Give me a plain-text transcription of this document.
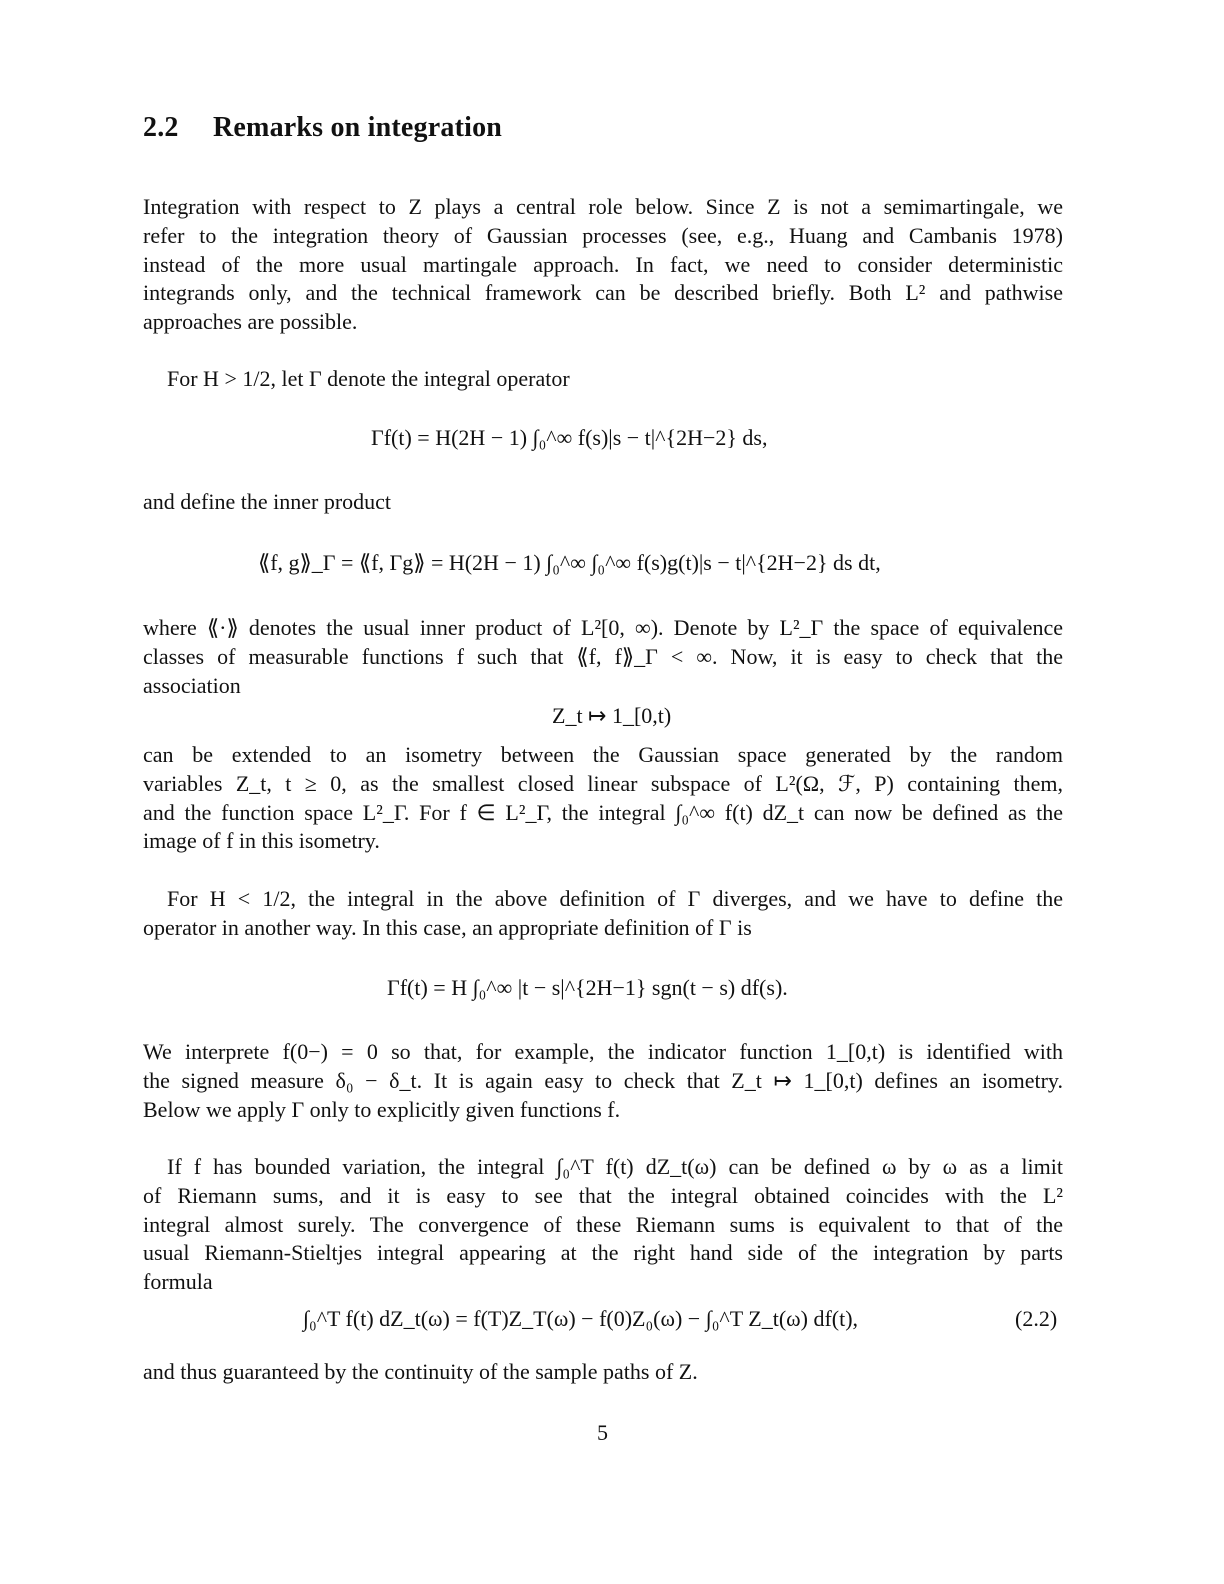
2.2 Remarks on integration
Integration with respect to Z plays a central role below. Since Z is not a semimartingale, we
refer to the integration theory of Gaussian processes (see, e.g., Huang and Cambanis 1978)
instead of the more usual martingale approach. In fact, we need to consider deterministic
integrands only, and the technical framework can be described briefly. Both L² and pathwise
approaches are possible.
For H > 1/2, let Γ denote the integral operator
Γf(t) = H(2H − 1) ∫₀^∞ f(s)|s − t|^{2H−2} ds,
and define the inner product
⟪f, g⟫_Γ = ⟪f, Γg⟫ = H(2H − 1) ∫₀^∞ ∫₀^∞ f(s)g(t)|s − t|^{2H−2} ds dt,
where ⟪·⟫ denotes the usual inner product of L²[0, ∞). Denote by L²_Γ the space of equivalence
classes of measurable functions f such that ⟪f, f⟫_Γ < ∞. Now, it is easy to check that the
association
Z_t ↦ 1_[0,t)
can be extended to an isometry between the Gaussian space generated by the random
variables Z_t, t ≥ 0, as the smallest closed linear subspace of L²(Ω, ℱ, P) containing them,
and the function space L²_Γ. For f ∈ L²_Γ, the integral ∫₀^∞ f(t) dZ_t can now be defined as the
image of f in this isometry.
For H < 1/2, the integral in the above definition of Γ diverges, and we have to define the
operator in another way. In this case, an appropriate definition of Γ is
Γf(t) = H ∫₀^∞ |t − s|^{2H−1} sgn(t − s) df(s).
We interprete f(0−) = 0 so that, for example, the indicator function 1_[0,t) is identified with
the signed measure δ₀ − δ_t. It is again easy to check that Z_t ↦ 1_[0,t) defines an isometry.
Below we apply Γ only to explicitly given functions f.
If f has bounded variation, the integral ∫₀^T f(t) dZ_t(ω) can be defined ω by ω as a limit
of Riemann sums, and it is easy to see that the integral obtained coincides with the L²
integral almost surely. The convergence of these Riemann sums is equivalent to that of the
usual Riemann-Stieltjes integral appearing at the right hand side of the integration by parts
formula
∫₀^T f(t) dZ_t(ω) = f(T)Z_T(ω) − f(0)Z₀(ω) − ∫₀^T Z_t(ω) df(t),	(2.2)
and thus guaranteed by the continuity of the sample paths of Z.
5
